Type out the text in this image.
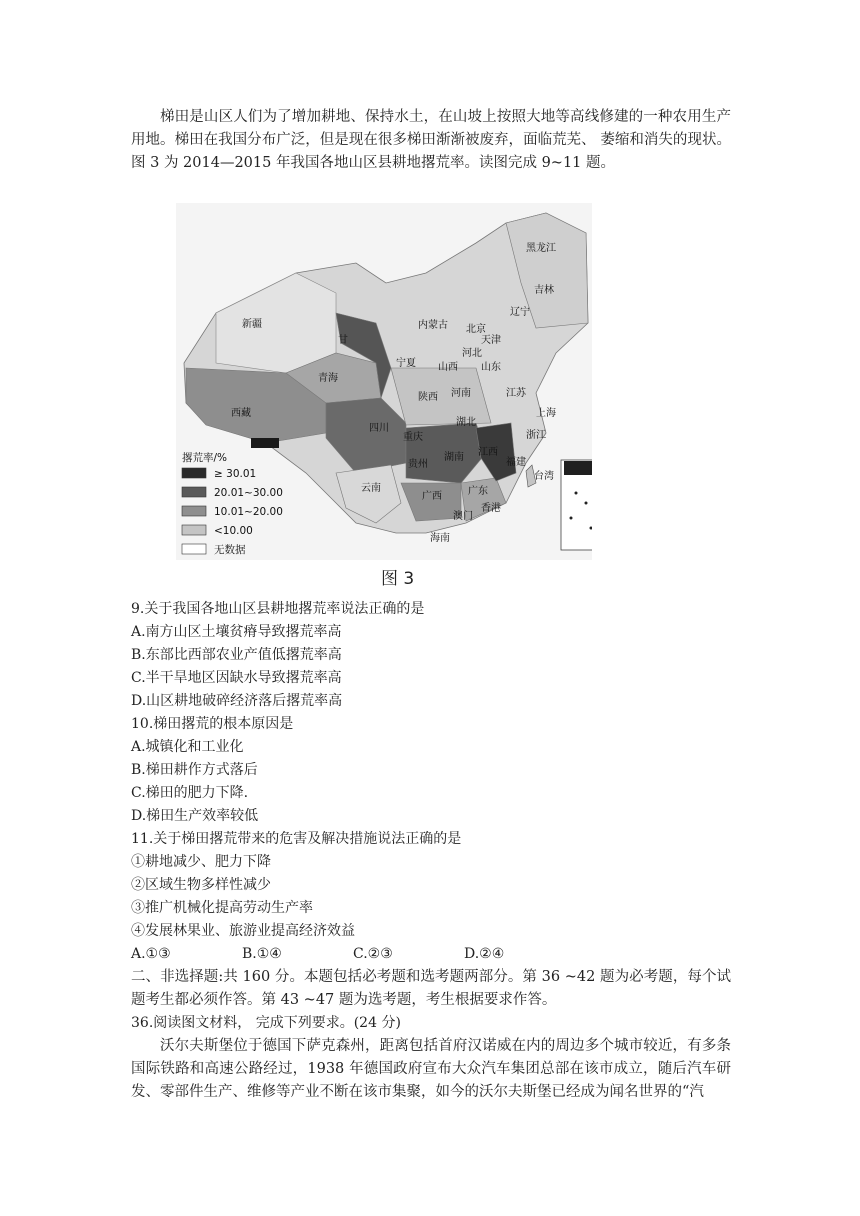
梯田是山区人们为了增加耕地、保持水土，在山坡上按照大地等高线修建的一种农用生产用地。梯田在我国分布广泛，但是现在很多梯田渐渐被废弃，面临荒芜、 萎缩和消失的现状。图 3 为 2014—2015 年我国各地山区县耕地撂荒率。读图完成 9~11 题。

新疆	内蒙古
黑龙江
吉林
辽宁
北京
天津
河北
山西 山东
甘
宁夏
青海
陕西 河南	江苏
上海
西藏
四川
湖北
浙江
重庆
湖南 江西
贵州
云南
广西	广东
福建
香港
澳门
海南
台湾
撂荒率/%
≥ 30.01
20.01~30.00
10.01~20.00
<10.00
无数据
图 3
9.关于我国各地山区县耕地撂荒率说法正确的是
A.南方山区土壤贫瘠导致撂荒率高
B.东部比西部农业产值低撂荒率高
C.半干旱地区因缺水导致撂荒率高
D.山区耕地破碎经济落后撂荒率高
10.梯田撂荒的根本原因是
A.城镇化和工业化
B.梯田耕作方式落后
C.梯田的肥力下降.
D.梯田生产效率较低
11.关于梯田撂荒带来的危害及解决措施说法正确的是
①耕地减少、肥力下降
②区域生物多样性减少
③推广机械化提高劳动生产率
④发展林果业、旅游业提高经济效益
A.①③	B.①④	C.②③	D.②④

二、非选择题:共 160 分。本题包括必考题和选考题两部分。第 36 ~42 题为必考题，每个试题考生都必须作答。第 43 ~47 题为选考题，考生根据要求作答。

36.阅读图文材料， 完成下列要求。(24 分)

沃尔夫斯堡位于德国下萨克森州，距离包括首府汉诺威在内的周边多个城市较近，有多条国际铁路和高速公路经过，1938 年德国政府宣布大众汽车集团总部在该市成立，随后汽车研发、零部件生产、维修等产业不断在该市集聚，如今的沃尔夫斯堡已经成为闻名世界的“汽
